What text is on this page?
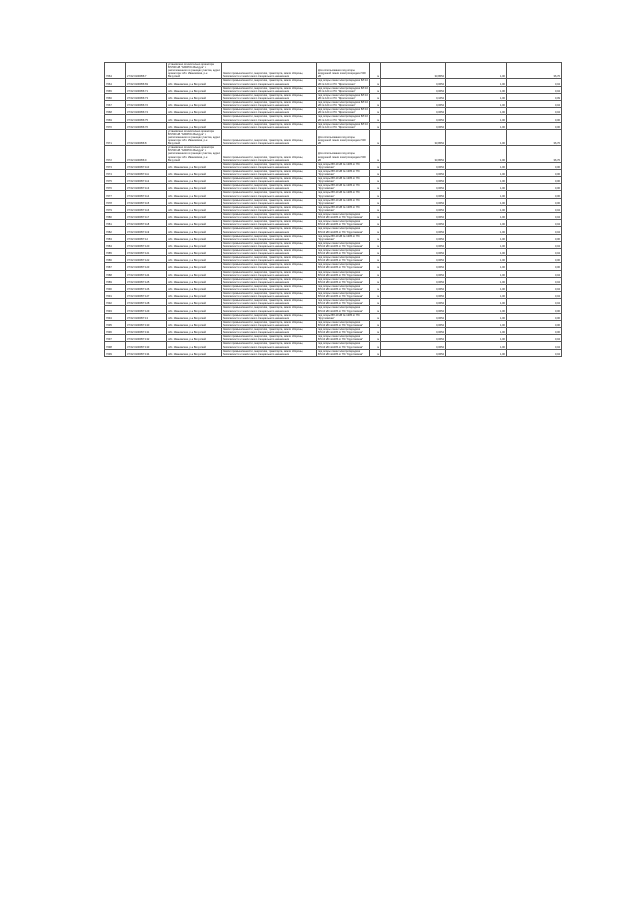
7664	27:02:0100956:7	установлено относительно ориентира ВЛ-500 кВ "ХАБРОС-Валдуга" г. расположенного в границах участка, адрес ориентира: обл. Ивановская, р-н Вичугский	Земли промышленности, энергетики, транспорта, земли обороны, безопасности и земли иного специального назначения	Для использования под опоры воздушной линии электропередачи 500 кВ	м	33,8654	1,00	36,76
7664	37:02:0100956:69	обл. Ивановская, р-н Вичугский	Земли промышленности, энергетики, транспорта, земли обороны, безопасности и земли иного специального назначения	под опоры линии электропередачи ВЛ 10 кВ № 124 от ПС "Ярополчская"	м	0,0654	1,00	0,04
7665	37:02:0100956:71	обл. Ивановская, р-н Вичугский	Земли промышленности, энергетики, транспорта, земли обороны, безопасности и земли иного специального назначения	под опоры линии электропередачи ВЛ 10 кВ № 124 от ПС "Ярополчская"	м	0,0654	1,00	0,04
7666	37:02:0100956:73	обл. Ивановская, р-н Вичугский	Земли промышленности, энергетики, транспорта, земли обороны, безопасности и земли иного специального назначения	под опоры линии электропередачи ВЛ 10 кВ № 124 от ПС "Ярополчская"	м	0,1654	1,00	0,09
7667	37:02:0100956:72	обл. Ивановская, р-н Вичугский	Земли промышленности, энергетики, транспорта, земли обороны, безопасности и земли иного специального назначения	под опоры линии электропередачи ВЛ 10 кВ № 124 от ПС "Ярополчская"	м	0,0654	1,00	0,04
7668	37:02:0100956:74	обл. Ивановская, р-н Вичугский	Земли промышленности, энергетики, транспорта, земли обороны, безопасности и земли иного специального назначения	под опоры линии электропередачи ВЛ 10 кВ № 124 от ПС "Ярополчская"	м	0,0654	1,00	0,04
7669	37:02:0100956:75	обл. Ивановская, р-н Вичугский	Земли промышленности, энергетики, транспорта, земли обороны, безопасности и земли иного специального назначения	под опоры линии электропередачи ВЛ 10 кВ № 124 от ПС "Ярополчская"	м	0,0654	1,00	0,06
7670	37:02:0100956:76	обл. Ивановская, р-н Вичугский	Земли промышленности, энергетики, транспорта, земли обороны, безопасности и земли иного специального назначения	под опоры линии электропередачи ВЛ 10 кВ № 124 от ПС "Ярополчская"	м	0,0654	1,00	0,06
7671	37:02:0100956:8	установлено относительно ориентира ВЛ-500 кВ "ХАБРОС-Валдуга" г. расположенного в границах участка, адрес ориентира: обл. Ивановская, р-н Вичугский	Земли промышленности, энергетики, транспорта, земли обороны, безопасности и земли иного специального назначения	Для использования под опоры воздушной линии электропередачи 500 кВ	м	33,8654	1,00	36,76
7672	37:02:0100956:9	установлено относительно ориентира ВЛ-500 кВ "ХАБРОС-Валдуга" г. расположенного в границах участка, адрес ориентира: обл. Ивановская, р-н Вичугский	Земли промышленности, энергетики, транспорта, земли обороны, безопасности и земли иного специального назначения	Для использования под опоры воздушной линии электропередачи 500 кВ	м	33,8654	1,00	36,76
7673	37:02:0100957:110	обл. Ивановская, р-н Вичугский	Земли промышленности, энергетики, транспорта, земли обороны, безопасности и земли иного специального назначения	под опоры ВЛ-10 кВ № 1205 от ПС "Кругловская"	м	0,0654	1,00	0,06
7674	37:02:0100957:111	обл. Ивановская, р-н Вичугский	Земли промышленности, энергетики, транспорта, земли обороны, безопасности и земли иного специального назначения	под опоры ВЛ-10 кВ № 1205 от ПС "Кругловская"	м	0,0654	1,00	0,06
7675	37:02:0100957:112	обл. Ивановская, р-н Вичугский	Земли промышленности, энергетики, транспорта, земли обороны, безопасности и земли иного специального назначения	под опоры ВЛ-10 кВ № 1205 от ПС "Кругловская"	м	0,0654	1,00	0,06
7676	37:02:0100957:113	обл. Ивановская, р-н Вичугский	Земли промышленности, энергетики, транспорта, земли обороны, безопасности и земли иного специального назначения	под опоры ВЛ-10 кВ № 1205 от ПС "Кругловская"	м	0,0654	1,00	0,06
7677	37:02:0100957:114	обл. Ивановская, р-н Вичугский	Земли промышленности, энергетики, транспорта, земли обороны, безопасности и земли иного специального назначения	под опоры ВЛ-10 кВ № 1205 от ПС "Кругловская"	м	0,0654	1,00	0,06
7678	37:02:0100957:115	обл. Ивановская, р-н Вичугский	Земли промышленности, энергетики, транспорта, земли обороны, безопасности и земли иного специального назначения	под опоры ВЛ-10 кВ № 1205 от ПС "Кругловская"	м	0,0654	1,00	0,06
7679	37:02:0100957:116	обл. Ивановская, р-н Вичугский	Земли промышленности, энергетики, транспорта, земли обороны, безопасности и земли иного специального назначения	под опоры ВЛ-10 кВ № 1205 от ПС "Кругловская"	м	0,0654	1,00	0,04
7680	37:02:0100957:117	обл. Ивановская, р-н Вичугский	Земли промышленности, энергетики, транспорта, земли обороны, безопасности и земли иного специального назначения	под опоры линии электропередачи ВЛ-10 кВ №1205 от ПС "Кругловская"	м	0,0654	1,00	0,04
7681	37:02:0100957:118	обл. Ивановская, р-н Вичугский	Земли промышленности, энергетики, транспорта, земли обороны, безопасности и земли иного специального назначения	под опоры линии электропередачи ВЛ-10 кВ №1205 от ПС "Кругловская"	м	0,0654	1,00	0,04
7682	37:02:0100957:119	обл. Ивановская, р-н Вичугский	Земли промышленности, энергетики, транспорта, земли обороны, безопасности и земли иного специального назначения	под опоры линии электропередачи ВЛ-10 кВ №1205 от ПС "Кругловская"	м	0,0654	1,00	0,04
7683	37:02:0100957:12	обл. Ивановская, р-н Вичугский	Земли промышленности, энергетики, транспорта, земли обороны, безопасности и земли иного специального назначения	под опоры ВЛ-10 кВ № 1205 от ПС "Кругловская"	м	0,0654	1,00	0,06
7684	37:02:0100957:120	обл. Ивановская, р-н Вичугский	Земли промышленности, энергетики, транспорта, земли обороны, безопасности и земли иного специального назначения	под опоры линии электропередачи ВЛ-10 кВ №1205 от ПС "Кругловская"	м	0,0654	1,00	0,04
7685	37:02:0100957:121	обл. Ивановская, р-н Вичугский	Земли промышленности, энергетики, транспорта, земли обороны, безопасности и земли иного специального назначения	под опоры линии электропередачи ВЛ-10 кВ №1205 от ПС "Кругловская"	м	0,0654	1,00	0,04
7686	37:02:0100957:122	обл. Ивановская, р-н Вичугский	Земли промышленности, энергетики, транспорта, земли обороны, безопасности и земли иного специального назначения	под опоры линии электропередачи ВЛ-10 кВ №1205 от ПС "Кругловская"	м	0,0654	1,00	0,06
7687	37:02:0100957:123	обл. Ивановская, р-н Вичугский	Земли промышленности, энергетики, транспорта, земли обороны, безопасности и земли иного специального назначения	под опоры линии электропередачи ВЛ-10 кВ №1205 от ПС "Кругловская"	м	0,0654	1,00	0,06
7688	37:02:0100957:124	обл. Ивановская, р-н Вичугский	Земли промышленности, энергетики, транспорта, земли обороны, безопасности и земли иного специального назначения	под опоры линии электропередачи ВЛ-10 кВ №1205 от ПС "Кругловская"	м	0,0654	1,00	0,04
7689	37:02:0100957:125	обл. Ивановская, р-н Вичугский	Земли промышленности, энергетики, транспорта, земли обороны, безопасности и земли иного специального назначения	под опоры линии электропередачи ВЛ-10 кВ №1205 от ПС "Кругловская"	м	0,0654	1,00	0,04
7690	37:02:0100957:126	обл. Ивановская, р-н Вичугский	Земли промышленности, энергетики, транспорта, земли обороны, безопасности и земли иного специального назначения	под опоры линии электропередачи ВЛ-10 кВ №1205 от ПС "Кругловская"	м	0,0654	1,00	0,04
7691	37:02:0100957:127	обл. Ивановская, р-н Вичугский	Земли промышленности, энергетики, транспорта, земли обороны, безопасности и земли иного специального назначения	под опоры линии электропередачи ВЛ-10 кВ №1205 от ПС "Кругловская"	м	0,0654	1,00	0,04
7692	37:02:0100957:128	обл. Ивановская, р-н Вичугский	Земли промышленности, энергетики, транспорта, земли обороны, безопасности и земли иного специального назначения	под опоры линии электропередачи ВЛ-10 кВ №1205 от ПС "Кругловская"	м	0,0654	1,00	0,04
7693	37:02:0100957:129	обл. Ивановская, р-н Вичугский	Земли промышленности, энергетики, транспорта, земли обороны, безопасности и земли иного специального назначения	под опоры линии электропередачи ВЛ-10 кВ №1205 от ПС "Кругловская"	м	0,0654	1,00	0,06
7694	37:02:0100957:13	обл. Ивановская, р-н Вичугский	Земли промышленности, энергетики, транспорта, земли обороны, безопасности и земли иного специального назначения	под опоры ВЛ-10 кВ № 1205 от ПС "Кругловская"	м	0,0654	1,00	0,06
7695	37:02:0100957:130	обл. Ивановская, р-н Вичугский	Земли промышленности, энергетики, транспорта, земли обороны, безопасности и земли иного специального назначения	под опоры линии электропередачи ВЛ-10 кВ №1205 от ПС "Кругловская"	м	0,0654	1,00	0,06
7696	37:02:0100957:131	обл. Ивановская, р-н Вичугский	Земли промышленности, энергетики, транспорта, земли обороны, безопасности и земли иного специального назначения	под опоры линии электропередачи ВЛ-10 кВ №1205 от ПС "Кругловская"	м	0,0654	1,00	0,06
7697	37:02:0100957:132	обл. Ивановская, р-н Вичугский	Земли промышленности, энергетики, транспорта, земли обороны, безопасности и земли иного специального назначения	под опоры линии электропередачи ВЛ-10 кВ №1205 от ПС "Кругловская"	м	0,0654	1,00	0,04
7698	37:02:0100957:133	обл. Ивановская, р-н Вичугский	Земли промышленности, энергетики, транспорта, земли обороны, безопасности и земли иного специального назначения	под опоры линии электропередачи ВЛ-10 кВ №1205 от ПС "Кругловская"	м	0,0654	1,00	0,04
7699	37:02:0100957:134	обл. Ивановская, р-н Вичугский	Земли промышленности, энергетики, транспорта, земли обороны, безопасности и земли иного специального назначения	под опоры линии электропередачи ВЛ-10 кВ №1205 от ПС "Кругловская"	м	0,0654	1,00	0,04
